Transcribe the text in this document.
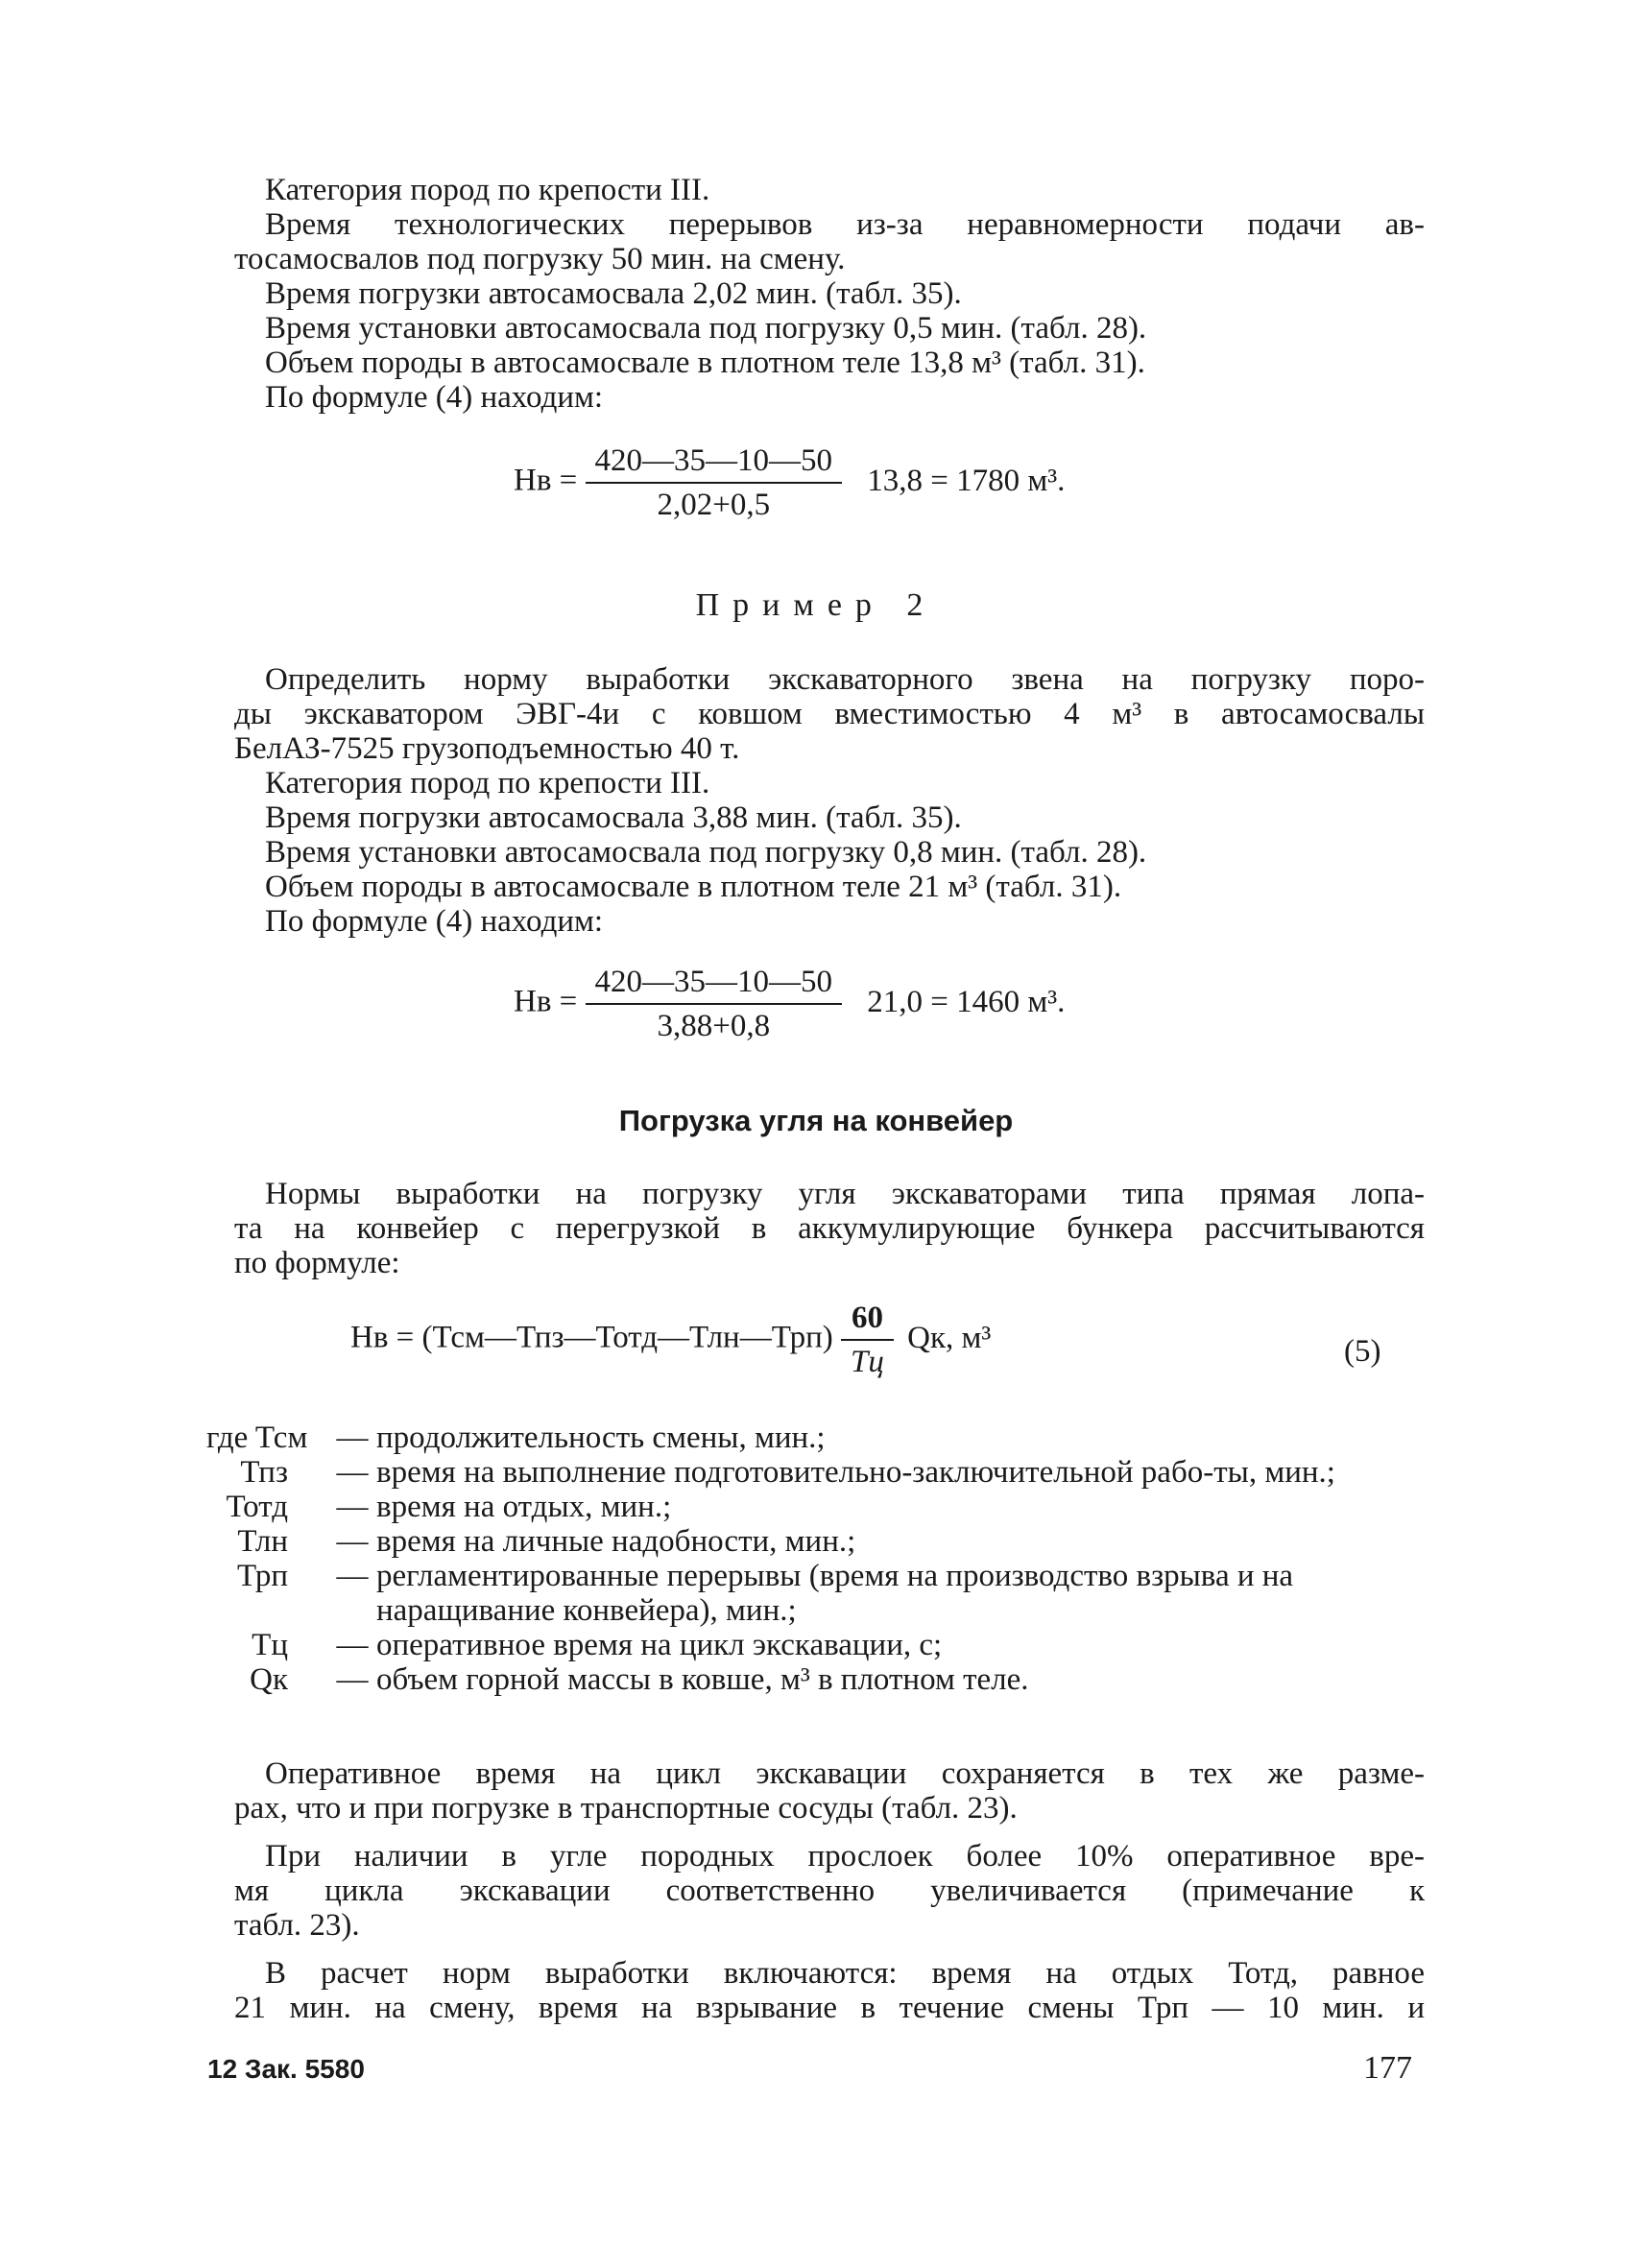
Категория пород по крепости III.
Время технологических перерывов из-за неравномерности подачи ав-
тосамосвалов под погрузку 50 мин. на смену.
Время погрузки автосамосвала 2,02 мин. (табл. 35).
Время установки автосамосвала под погрузку 0,5 мин. (табл. 28).
Объем породы в автосамосвале в плотном теле 13,8 м³ (табл. 31).
По формуле (4) находим:
Hв = $\frac{420—35—10—50}{2,02+0,5} 13,8 = 1780$ м³.
Пример 2
Определить норму выработки экскаваторного звена на погрузку поро-
ды экскаватором ЭВГ-4и с ковшом вместимостью 4 м³ в автосамосвалы
БелАЗ-7525 грузоподъемностью 40 т.
Категория пород по крепости III.
Время погрузки автосамосвала 3,88 мин. (табл. 35).
Время установки автосамосвала под погрузку 0,8 мин. (табл. 28).
Объем породы в автосамосвале в плотном теле 21 м³ (табл. 31).
По формуле (4) находим:
Hв = $\frac{420—35—10—50}{3,88+0,8} 21,0 = 1460$ м³.
Погрузка угля на конвейер
Нормы выработки на погрузку угля экскаваторами типа прямая лопа-
та на конвейер с перегрузкой в аккумулирующие бункера рассчитываются
по формуле:
Hв = (Тсм—Тпз—Тотд—Тлн—Трп) $\frac{60}{Тц}$ Qк, м³	(5)
где Тсм — продолжительность смены, мин.;
Тпз	— время на выполнение подготовительно-заключительной рабо-ты, мин.;
Тотд	— время на отдых, мин.;
Тлн	— время на личные надобности, мин.;
Трп	— регламентированные перерывы (время на производство взрыва и на наращивание конвейера), мин.;
Тц	— оперативное время на цикл экскавации, с;
Qк	— объем горной массы в ковше, м³ в плотном теле.
Оперативное время на цикл экскавации сохраняется в тех же разме-
рах, что и при погрузке в транспортные сосуды (табл. 23).
При наличии в угле породных прослоек более 10% оперативное вре-
мя цикла экскавации соответственно увеличивается (примечание к
табл. 23).
В расчет норм выработки включаются: время на отдых Тотд, равное
21 мин. на смену, время на взрывание в течение смены Трп — 10 мин. и
12 Зак. 5580	177
